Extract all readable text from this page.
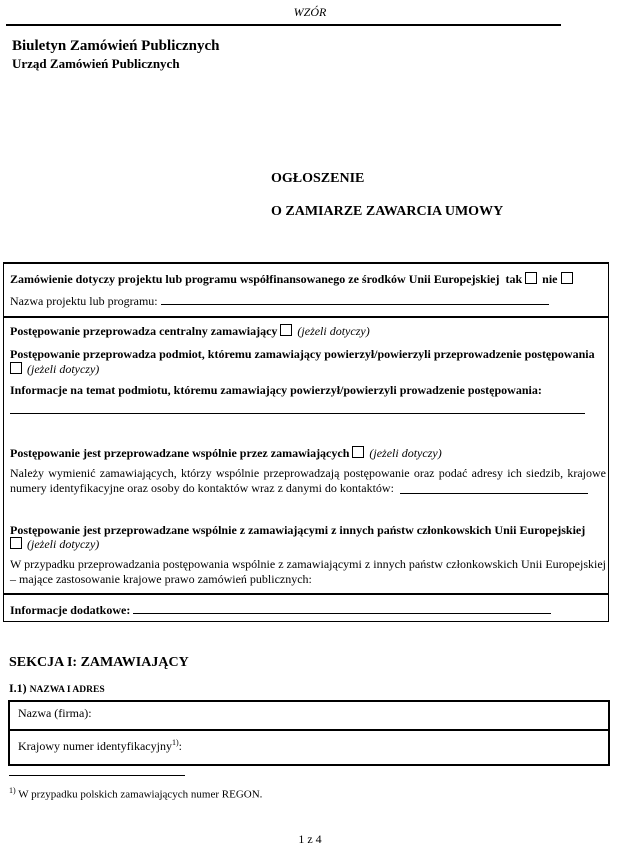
WZÓR
Biuletyn Zamówień Publicznych
Urząd Zamówień Publicznych
OGŁOSZENIE
O ZAMIARZE ZAWARCIA UMOWY
Zamówienie dotyczy projektu lub programu współfinansowanego ze środków Unii Europejskiej tak nie
Nazwa projektu lub programu:
Postępowanie przeprowadza centralny zamawiający (jeżeli dotyczy)
Postępowanie przeprowadza podmiot, któremu zamawiający powierzył/powierzyli przeprowadzenie postępowania
(jeżeli dotyczy)
Informacje na temat podmiotu, któremu zamawiający powierzył/powierzyli prowadzenie postępowania:
Postępowanie jest przeprowadzane wspólnie przez zamawiających (jeżeli dotyczy)
Należy wymienić zamawiających, którzy wspólnie przeprowadzają postępowanie oraz podać adresy ich siedzib, krajowe numery identyfikacyjne oraz osoby do kontaktów wraz z danymi do kontaktów:
Postępowanie jest przeprowadzane wspólnie z zamawiającymi z innych państw członkowskich Unii Europejskiej
(jeżeli dotyczy)
W przypadku przeprowadzania postępowania wspólnie z zamawiającymi z innych państw członkowskich Unii Europejskiej – mające zastosowanie krajowe prawo zamówień publicznych:
Informacje dodatkowe:
SEKCJA I: ZAMAWIAJĄCY
I.1) NAZWA I ADRES
Nazwa (firma):
Krajowy numer identyfikacyjny$^{1)}$:
$^{1)}$ W przypadku polskich zamawiających numer REGON.
1 z 4
